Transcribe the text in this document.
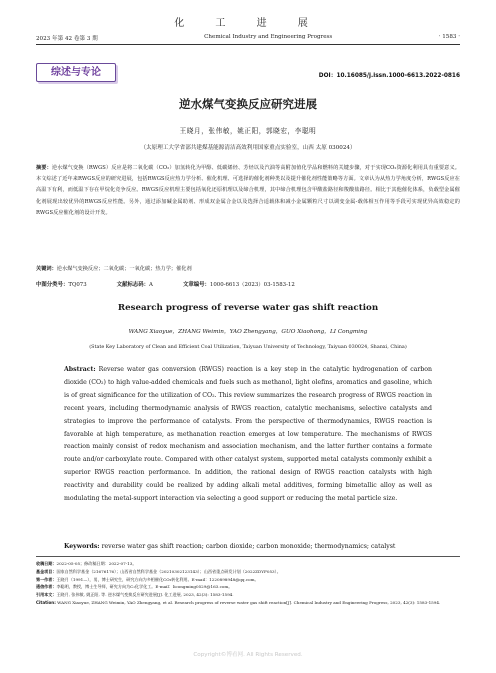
化 工 进 展
2023 年第 42 卷第 3 期	Chemical Industry and Engineering Progress	· 1583 ·
综述与专论	DOI：10.16085/j.issn.1000-6613.2022-0816
逆水煤气变换反应研究进展
王晓月，张伟敏，姚正阳，郭晓宏，李聪明
（太原理工大学省部共建煤基能源清洁高效利用国家重点实验室，山西 太原 030024）
摘要：逆水煤气变换（RWGS）反应是将二氧化碳（CO₂）加氢转化为甲醇、低碳烯烃、芳烃以及汽油等高附加值化学品和燃料的关键步骤，对于实现CO₂资源化利用具有重要意义。本文综述了近年来RWGS反应的研究进展，包括RWGS反应热力学分析、催化机理、可选择的催化剂种类以及提升催化剂性能策略等方面。文章认为从热力学角度分析，RWGS反应在高温下有利，而低温下存在甲烷化竞争反应。RWGS反应机理主要包括氧化还原机理以及缔合机理，其中缔合机理包含甲酸盐路径和羧酸盐路径。相比于其他催化体系，负载型金属催化剂展现出较优异的RWGS反应性能。另外，通过添加碱金属助剂、形成双金属合金以及选择合适载体和减小金属颗粒尺寸以调变金属-载体相互作用等手段可实现优异高效稳定的RWGS反应催化剂的设计开发。
关键词：逆水煤气变换反应；二氧化碳；一氧化碳；热力学；催化剂
中图分类号：TQ073	文献标志码：A	文章编号：1000-6613（2023）03-1583-12
Research progress of reverse water gas shift reaction
WANG Xiaoyue，ZHANG Weimin，YAO Zhengyang，GUO Xiaohong，LI Congming
(State Key Laboratory of Clean and Efficient Coal Utilization, Taiyuan University of Technology, Taiyuan 030024, Shanxi, China)
Abstract: Reverse water gas conversion (RWGS) reaction is a key step in the catalytic hydrogenation of carbon dioxide (CO₂) to high value-added chemicals and fuels such as methanol, light olefins, aromatics and gasoline, which is of great significance for the utilization of CO₂. This review summarizes the research progress of RWGS reaction in recent years, including thermodynamic analysis of RWGS reaction, catalytic mechanisms, selective catalysts and strategies to improve the performance of catalysts. From the perspective of thermodynamics, RWGS reaction is favorable at high temperature, as methanation reaction emerges at low temperature. The mechanisms of RWGS reaction mainly consist of redox mechanism and association mechanism, and the latter further contains a formate route and/or carboxylate route. Compared with other catalyst system, supported metal catalysts commonly exhibit a superior RWGS reaction performance. In addition, the rational design of RWGS reaction catalysts with high reactivity and durability could be realized by adding alkali metal additives, forming bimetallic alloy as well as modulating the metal-support interaction via selecting a good support or reducing the metal particle size.
Keywords: reverse water gas shift reaction; carbon dioxide; carbon monoxide; thermodynamics; catalyst
收稿日期：2022-05-05；修改稿日期：2022-07-13。
基金项目：国家自然科学基金（21676176）；山西省自然科学基金（20210302123143）；山西省重点研发计划（2022ZDYF053）。
第一作者：王晓月（1991—），男，博士研究生，研究方向为多相催化CO₂转化利用。E-mail：1220898948@qq.com。
通信作者：李聪明，教授，博士生导师，研究方向为C₁化学化工。E-mail：licongming0529@163.com。
引用本文：王晓月, 张伟敏, 姚正阳, 等. 逆水煤气变换反应研究进展[J]. 化工进展, 2023, 42(3): 1583-1594.
Citation: WANG Xiaoyue, ZHANG Weimin, YAO Zhengyang, et al. Research progress of reverse water gas shift reaction[J]. Chemical Industry and Engineering Progress, 2023, 42(3): 1583-1594.
Copyright©博看网. All Rights Reserved.
